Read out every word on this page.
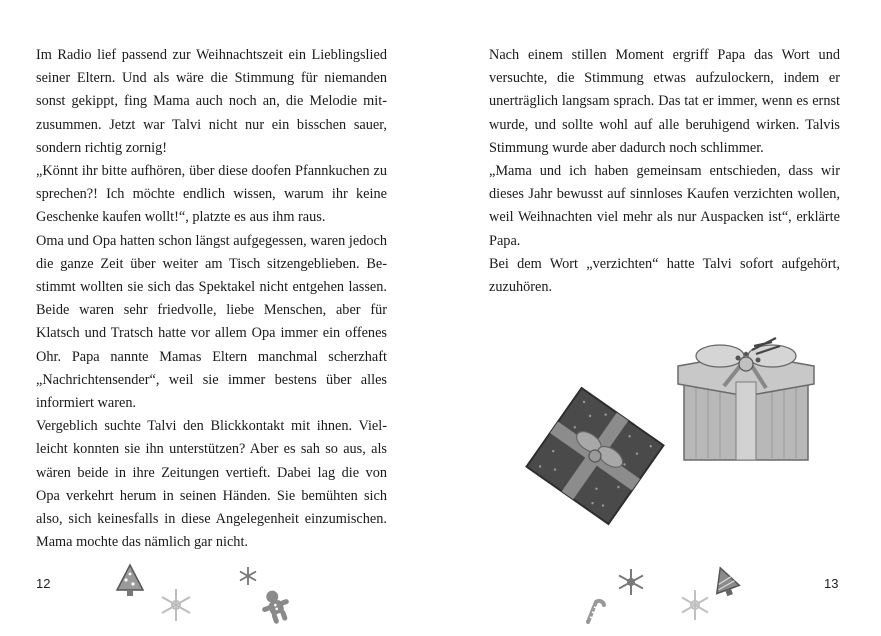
Im Radio lief passend zur Weihnachtszeit ein Lieblingslied seiner Eltern. Und als wäre die Stimmung für niemanden sonst gekippt, fing Mama auch noch an, die Melodie mitzusummen. Jetzt war Talvi nicht nur ein bisschen sauer, sondern richtig zornig!

„Könnt ihr bitte aufhören, über diese doofen Pfannkuchen zu sprechen?! Ich möchte endlich wissen, warum ihr keine Geschenke kaufen wollt!“, platzte es aus ihm raus.

Oma und Opa hatten schon längst aufgegessen, waren jedoch die ganze Zeit über weiter am Tisch sitzengeblieben. Bestimmt wollten sie sich das Spektakel nicht entgehen lassen. Beide waren sehr friedvolle, liebe Menschen, aber für Klatsch und Tratsch hatte vor allem Opa immer ein offenes Ohr. Papa nannte Mamas Eltern manchmal scherzhaft „Nachrichtensender“, weil sie immer bestens über alles informiert waren.

Vergeblich suchte Talvi den Blickkontakt mit ihnen. Vielleicht konnten sie ihn unterstützen? Aber es sah so aus, als wären beide in ihre Zeitungen vertieft. Dabei lag die von Opa verkehrt herum in seinen Händen. Sie bemühten sich also, sich keinesfalls in diese Angelegenheit einzumischen. Mama mochte das nämlich gar nicht.

12

Nach einem stillen Moment ergriff Papa das Wort und versuchte, die Stimmung etwas aufzulockern, indem er unerträglich langsam sprach. Das tat er immer, wenn es ernst wurde, und sollte wohl auf alle beruhigend wirken. Talvis Stimmung wurde aber dadurch noch schlimmer.

„Mama und ich haben gemeinsam entschieden, dass wir dieses Jahr bewusst auf sinnloses Kaufen verzichten wollen, weil Weihnachten viel mehr als nur Auspacken ist“, erklärte Papa.

Bei dem Wort „verzichten“ hatte Talvi sofort aufgehört, zuzuhören.

13
